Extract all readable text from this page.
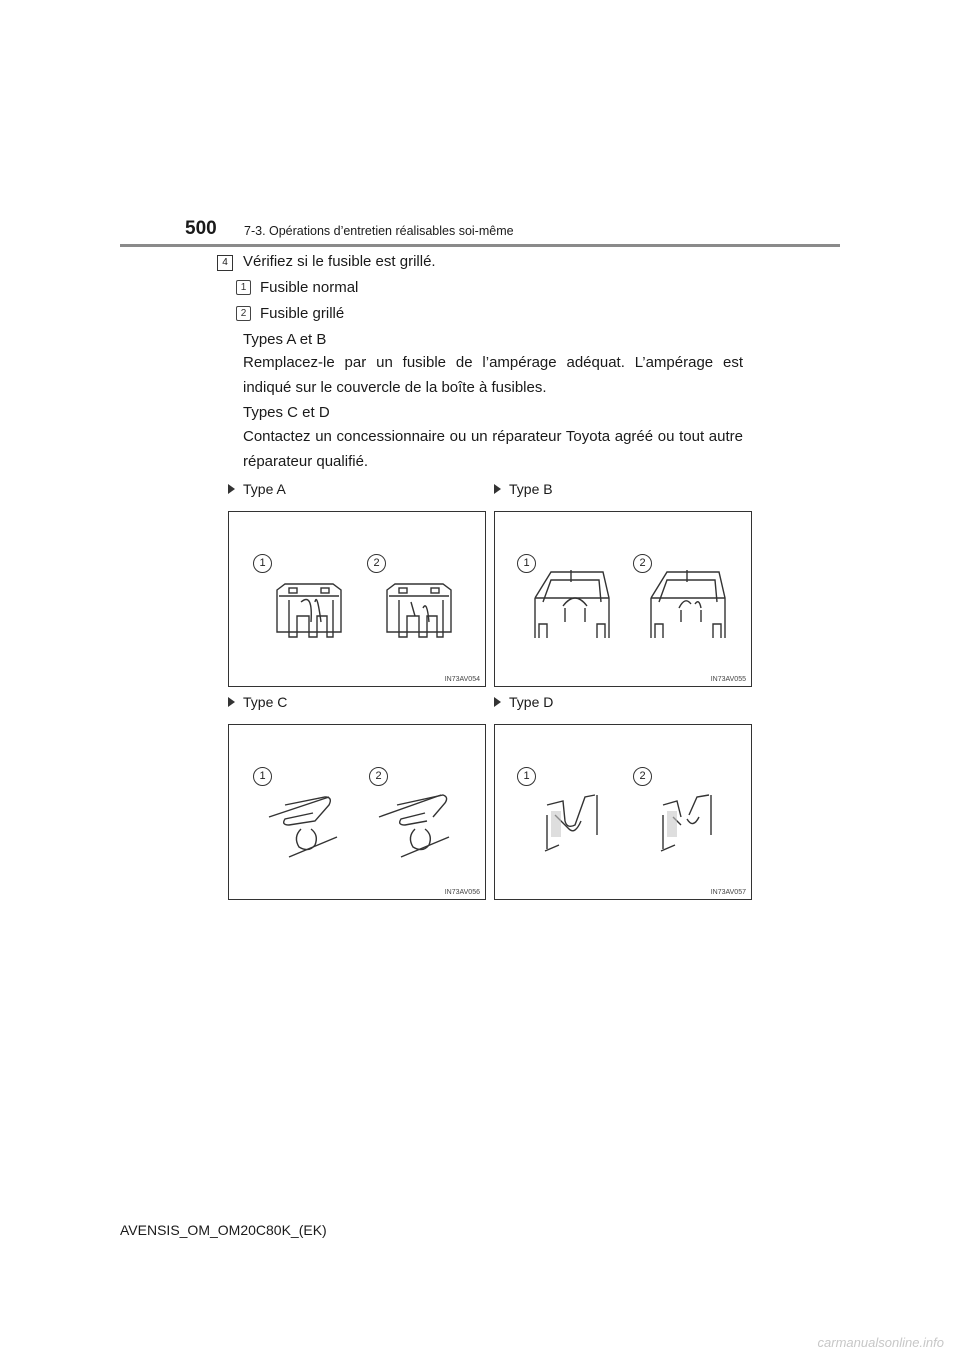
500 7-3. Opérations d’entretien réalisables soi-même
4	Vérifiez si le fusible est grillé.
1 Fusible normal
2 Fusible grillé
Types A et B
Remplacez-le par un fusible de l’ampérage adéquat. L’ampérage est indiqué sur le couvercle de la boîte à fusibles.
Types C et D
Contactez un concessionnaire ou un réparateur Toyota agréé ou tout autre réparateur qualifié.
Type A
1	2
IN73AV054
Type B
1	2
IN73AV055
Type C
1	2
IN73AV056
Type D
1	2
IN73AV057
AVENSIS_OM_OM20C80K_(EK)
carmanualsonline.info
